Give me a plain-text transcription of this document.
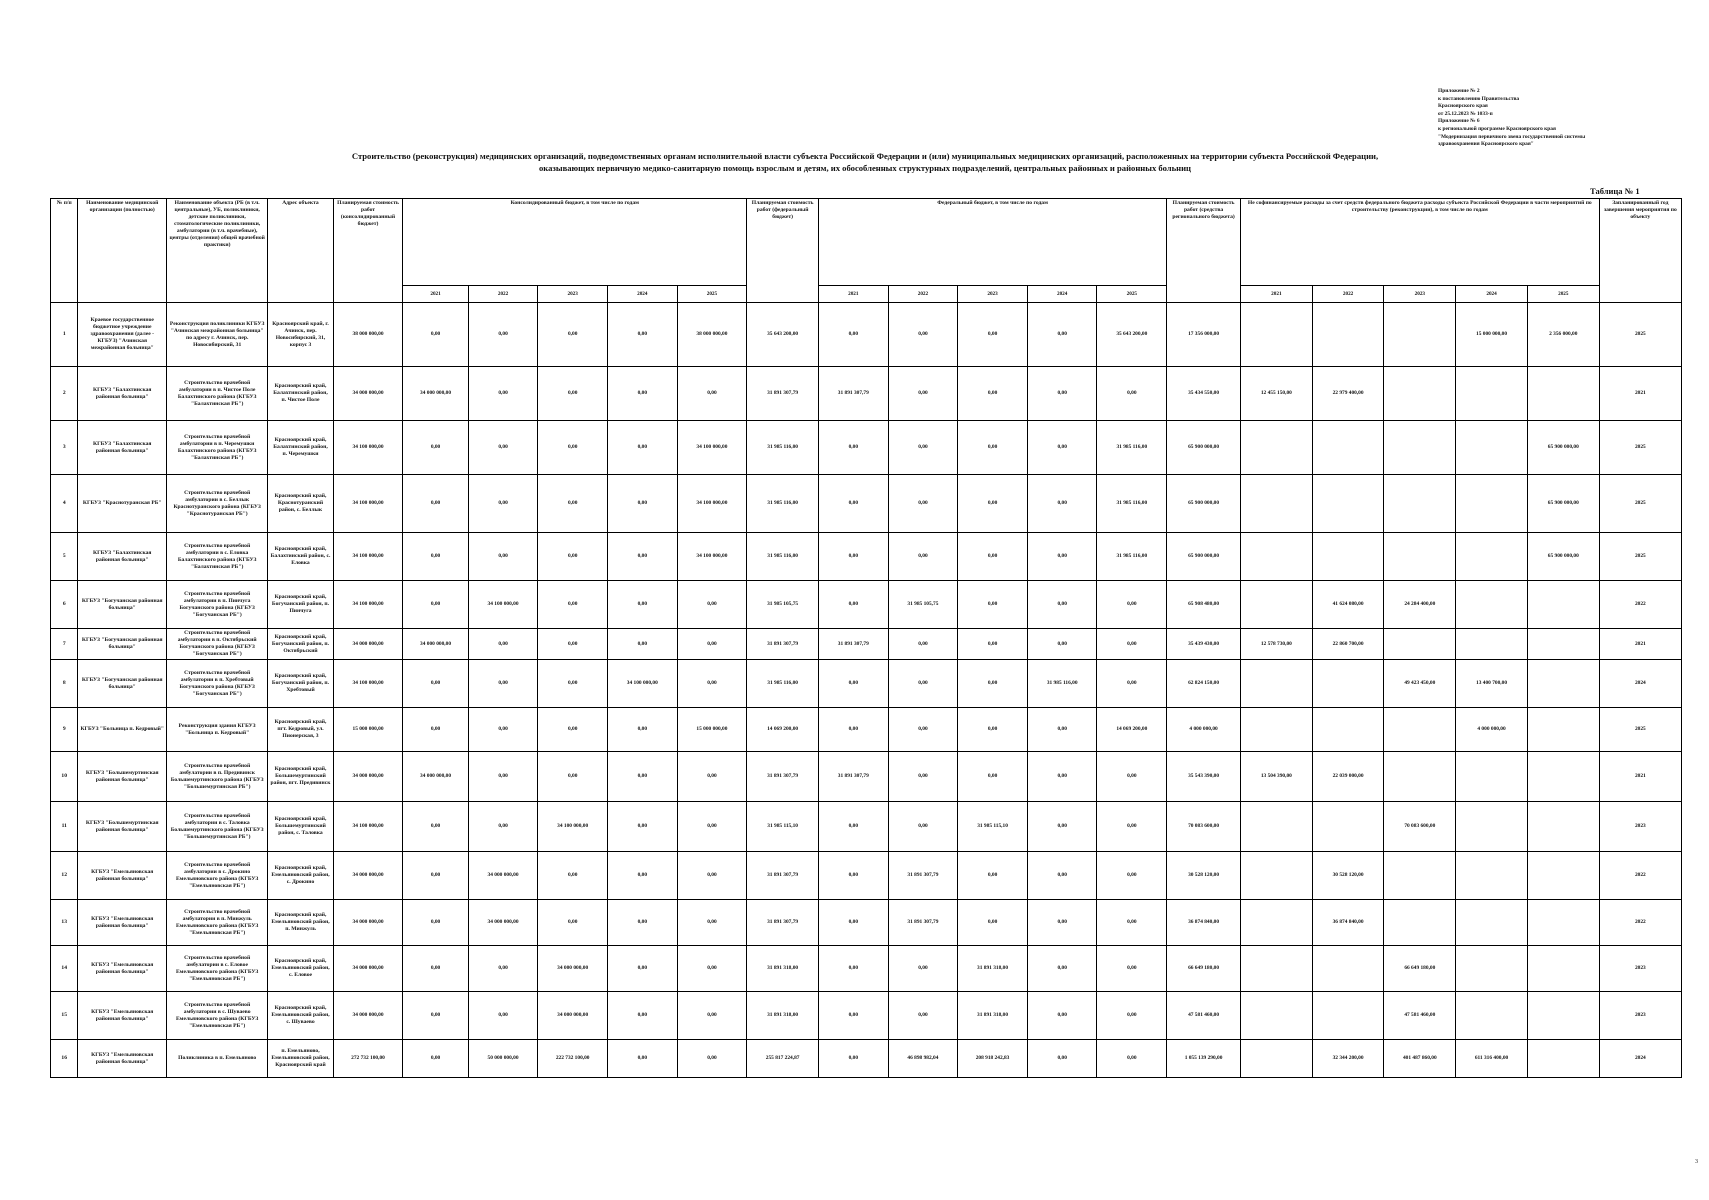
Приложение № 2
к постановлению Правительства
Красноярского края
от 25.12.2023 № 1033-п
Приложение № 6
к региональной программе Красноярского края
"Модернизация первичного звена государственной системы
здравоохранения Красноярского края"
Строительство (реконструкция) медицинских организаций, подведомственных органам исполнительной власти субъекта Российской Федерации и (или) муниципальных медицинских организаций, расположенных на территории субъекта Российской Федерации,
оказывающих первичную медико-санитарную помощь взрослым и детям, их обособленных структурных подразделений, центральных районных и районных больниц
Таблица № 1
№ п/п	Наименование медицинской организации (полностью)	Наименование объекта (РБ (в т.ч. центральные), УБ, поликлиники, детские поликлиники, стоматологические поликлиники, амбулатории (в т.ч. врачебные), центры (отделения) общей врачебной практики)	Адрес объекта	Планируемая стоимость работ (консолидированный бюджет)	Консолидированный бюджет, в том числе по годам					Планируемая стоимость работ (федеральный бюджет)	Федеральный бюджет, в том числе по годам					Планируемая стоимость работ (средства регионального бюджета)	Не софинансируемые расходы за счет средств федерального бюджета расходы субъекта Российской Федерации в части мероприятий по строительству (реконструкции), в том числе по годам					Запланированный год завершения мероприятия по объекту
					2021	2022	2023	2024	2025		2021	2022	2023	2024	2025		2021	2022	2023	2024	2025	
1	Краевое государственное бюджетное учреждение здравоохранения (далее - КГБУЗ) "Ачинская межрайонная больница"	Реконструкция поликлиники КГБУЗ "Ачинская межрайонная больница" по адресу г. Ачинск, пер. Новосибирский, 31	Красноярский край, г. Ачинск, пер. Новосибирский, 31, корпус 3	38 000 000,00	0,00	0,00	0,00	0,00	38 000 000,00	35 643 200,00	0,00	0,00	0,00	0,00	35 643 200,00	17 356 000,00				15 000 000,00	2 356 000,00	2025
2	КГБУЗ "Балахтинская районная больница"	Строительство врачебной амбулатории в п. Чистое Поле Балахтинского района (КГБУЗ "Балахтинская РБ")	Красноярский край, Балахтинский район, п. Чистое Поле	34 000 000,00	34 000 000,00	0,00	0,00	0,00	0,00	31 891 307,79	31 891 307,79	0,00	0,00	0,00	0,00	35 434 550,00	12 455 150,00	22 979 400,00				2021
3	КГБУЗ "Балахтинская районная больница"	Строительство врачебной амбулатории в п. Черемушки Балахтинского района (КГБУЗ "Балахтинская РБ")	Красноярский край, Балахтинский район, п. Черемушки	34 100 000,00	0,00	0,00	0,00	0,00	34 100 000,00	31 985 116,00	0,00	0,00	0,00	0,00	31 985 116,00	65 900 000,00					65 900 000,00	2025
4	КГБУЗ "Краснотуранская РБ"	Строительство врачебной амбулатории в с. Беллык Краснотуранского района (КГБУЗ "Краснотуранская РБ")	Красноярский край, Краснотуранский район, с. Беллык	34 100 000,00	0,00	0,00	0,00	0,00	34 100 000,00	31 985 116,00	0,00	0,00	0,00	0,00	31 985 116,00	65 900 000,00					65 900 000,00	2025
5	КГБУЗ "Балахтинская районная больница"	Строительство врачебной амбулатории в с. Еловка Балахтинского района (КГБУЗ "Балахтинская РБ")	Красноярский край, Балахтинский район, с. Еловка	34 100 000,00	0,00	0,00	0,00	0,00	34 100 000,00	31 985 116,00	0,00	0,00	0,00	0,00	31 985 116,00	65 900 000,00					65 900 000,00	2025
6	КГБУЗ "Богучанская районная больница"	Строительство врачебной амбулатории в п. Пинчуга Богучанского района (КГБУЗ "Богучанская РБ")	Красноярский край, Богучанский район, п. Пинчуга	34 100 000,00	0,00	34 100 000,00	0,00	0,00	0,00	31 985 105,75	0,00	31 985 105,75	0,00	0,00	0,00	65 908 480,00		41 624 080,00	24 284 400,00			2022
7	КГБУЗ "Богучанская районная больница"	Строительство врачебной амбулатории в п. Октябрьский Богучанского района (КГБУЗ "Богучанская РБ")	Красноярский край, Богучанский район, п. Октябрьский	34 000 000,00	34 000 000,00	0,00	0,00	0,00	0,00	31 891 307,79	31 891 307,79	0,00	0,00	0,00	0,00	35 439 430,00	12 578 730,00	22 860 700,00				2021
8	КГБУЗ "Богучанская районная больница"	Строительство врачебной амбулатории в п. Хребтовый Богучанского района (КГБУЗ "Богучанская РБ")	Красноярский край, Богучанский район, п. Хребтовый	34 100 000,00	0,00	0,00	0,00	34 100 000,00	0,00	31 985 116,00	0,00	0,00	0,00	31 985 116,00	0,00	62 824 150,00			49 423 450,00	13 400 700,00		2024
9	КГБУЗ "Больница п. Кедровый"	Реконструкция здания КГБУЗ "Больница п. Кедровый"	Красноярский край, пгт. Кедровый, ул. Пионерская, 3	15 000 000,00	0,00	0,00	0,00	0,00	15 000 000,00	14 069 200,00	0,00	0,00	0,00	0,00	14 069 200,00	4 000 000,00				4 000 000,00		2025
10	КГБУЗ "Большемуртинская районная больница"	Строительство врачебной амбулатории в п. Предивинск Большемуртинского района (КГБУЗ "Большемуртинская РБ")	Красноярский край, Большемуртинский район, пгт. Предивинск	34 000 000,00	34 000 000,00	0,00	0,00	0,00	0,00	31 891 307,79	31 891 307,79	0,00	0,00	0,00	0,00	35 543 390,00	13 504 390,00	22 039 000,00				2021
11	КГБУЗ "Большемуртинская районная больница"	Строительство врачебной амбулатории в с. Таловка Большемуртинского района (КГБУЗ "Большемуртинская РБ")	Красноярский край, Большемуртинский район, с. Таловка	34 100 000,00	0,00	0,00	34 100 000,00	0,00	0,00	31 985 115,10	0,00	0,00	31 985 115,10	0,00	0,00	70 083 600,00			70 083 600,00			2023
12	КГБУЗ "Емельяновская районная больница"	Строительство врачебной амбулатории в с. Дрокино Емельяновского района (КГБУЗ "Емельяновская РБ")	Красноярский край, Емельяновский район, с. Дрокино	34 000 000,00	0,00	34 000 000,00	0,00	0,00	0,00	31 891 307,79	0,00	31 891 307,79	0,00	0,00	0,00	30 528 120,00		30 528 120,00				2022
13	КГБУЗ "Емельяновская районная больница"	Строительство врачебной амбулатории в п. Минжуль Емельяновского района (КГБУЗ "Емельяновская РБ")	Красноярский край, Емельяновский район, п. Минжуль	34 000 000,00	0,00	34 000 000,00	0,00	0,00	0,00	31 891 307,79	0,00	31 891 307,79	0,00	0,00	0,00	36 874 840,00		36 874 840,00				2022
14	КГБУЗ "Емельяновская районная больница"	Строительство врачебной амбулатории в с. Еловое Емельяновского района (КГБУЗ "Емельяновская РБ")	Красноярский край, Емельяновский район, с. Еловое	34 000 000,00	0,00	0,00	34 000 000,00	0,00	0,00	31 891 318,00	0,00	0,00	31 891 318,00	0,00	0,00	66 649 180,00			66 649 180,00			2023
15	КГБУЗ "Емельяновская районная больница"	Строительство врачебной амбулатории в с. Шуваево Емельяновского района (КГБУЗ "Емельяновская РБ")	Красноярский край, Емельяновский район, с. Шуваево	34 000 000,00	0,00	0,00	34 000 000,00	0,00	0,00	31 891 318,00	0,00	0,00	31 891 318,00	0,00	0,00	47 581 460,00			47 581 460,00			2023
16	КГБУЗ "Емельяновская районная больница"	Поликлиника в п. Емельяново	п. Емельяново, Емельяновский район, Красноярский край	272 732 100,00	0,00	50 000 000,00	222 732 100,00	0,00	0,00	255 817 224,87	0,00	46 898 982,04	208 918 242,83	0,00	0,00	1 055 139 290,00		32 344 200,00	401 487 860,00	611 316 400,00		2024
3
